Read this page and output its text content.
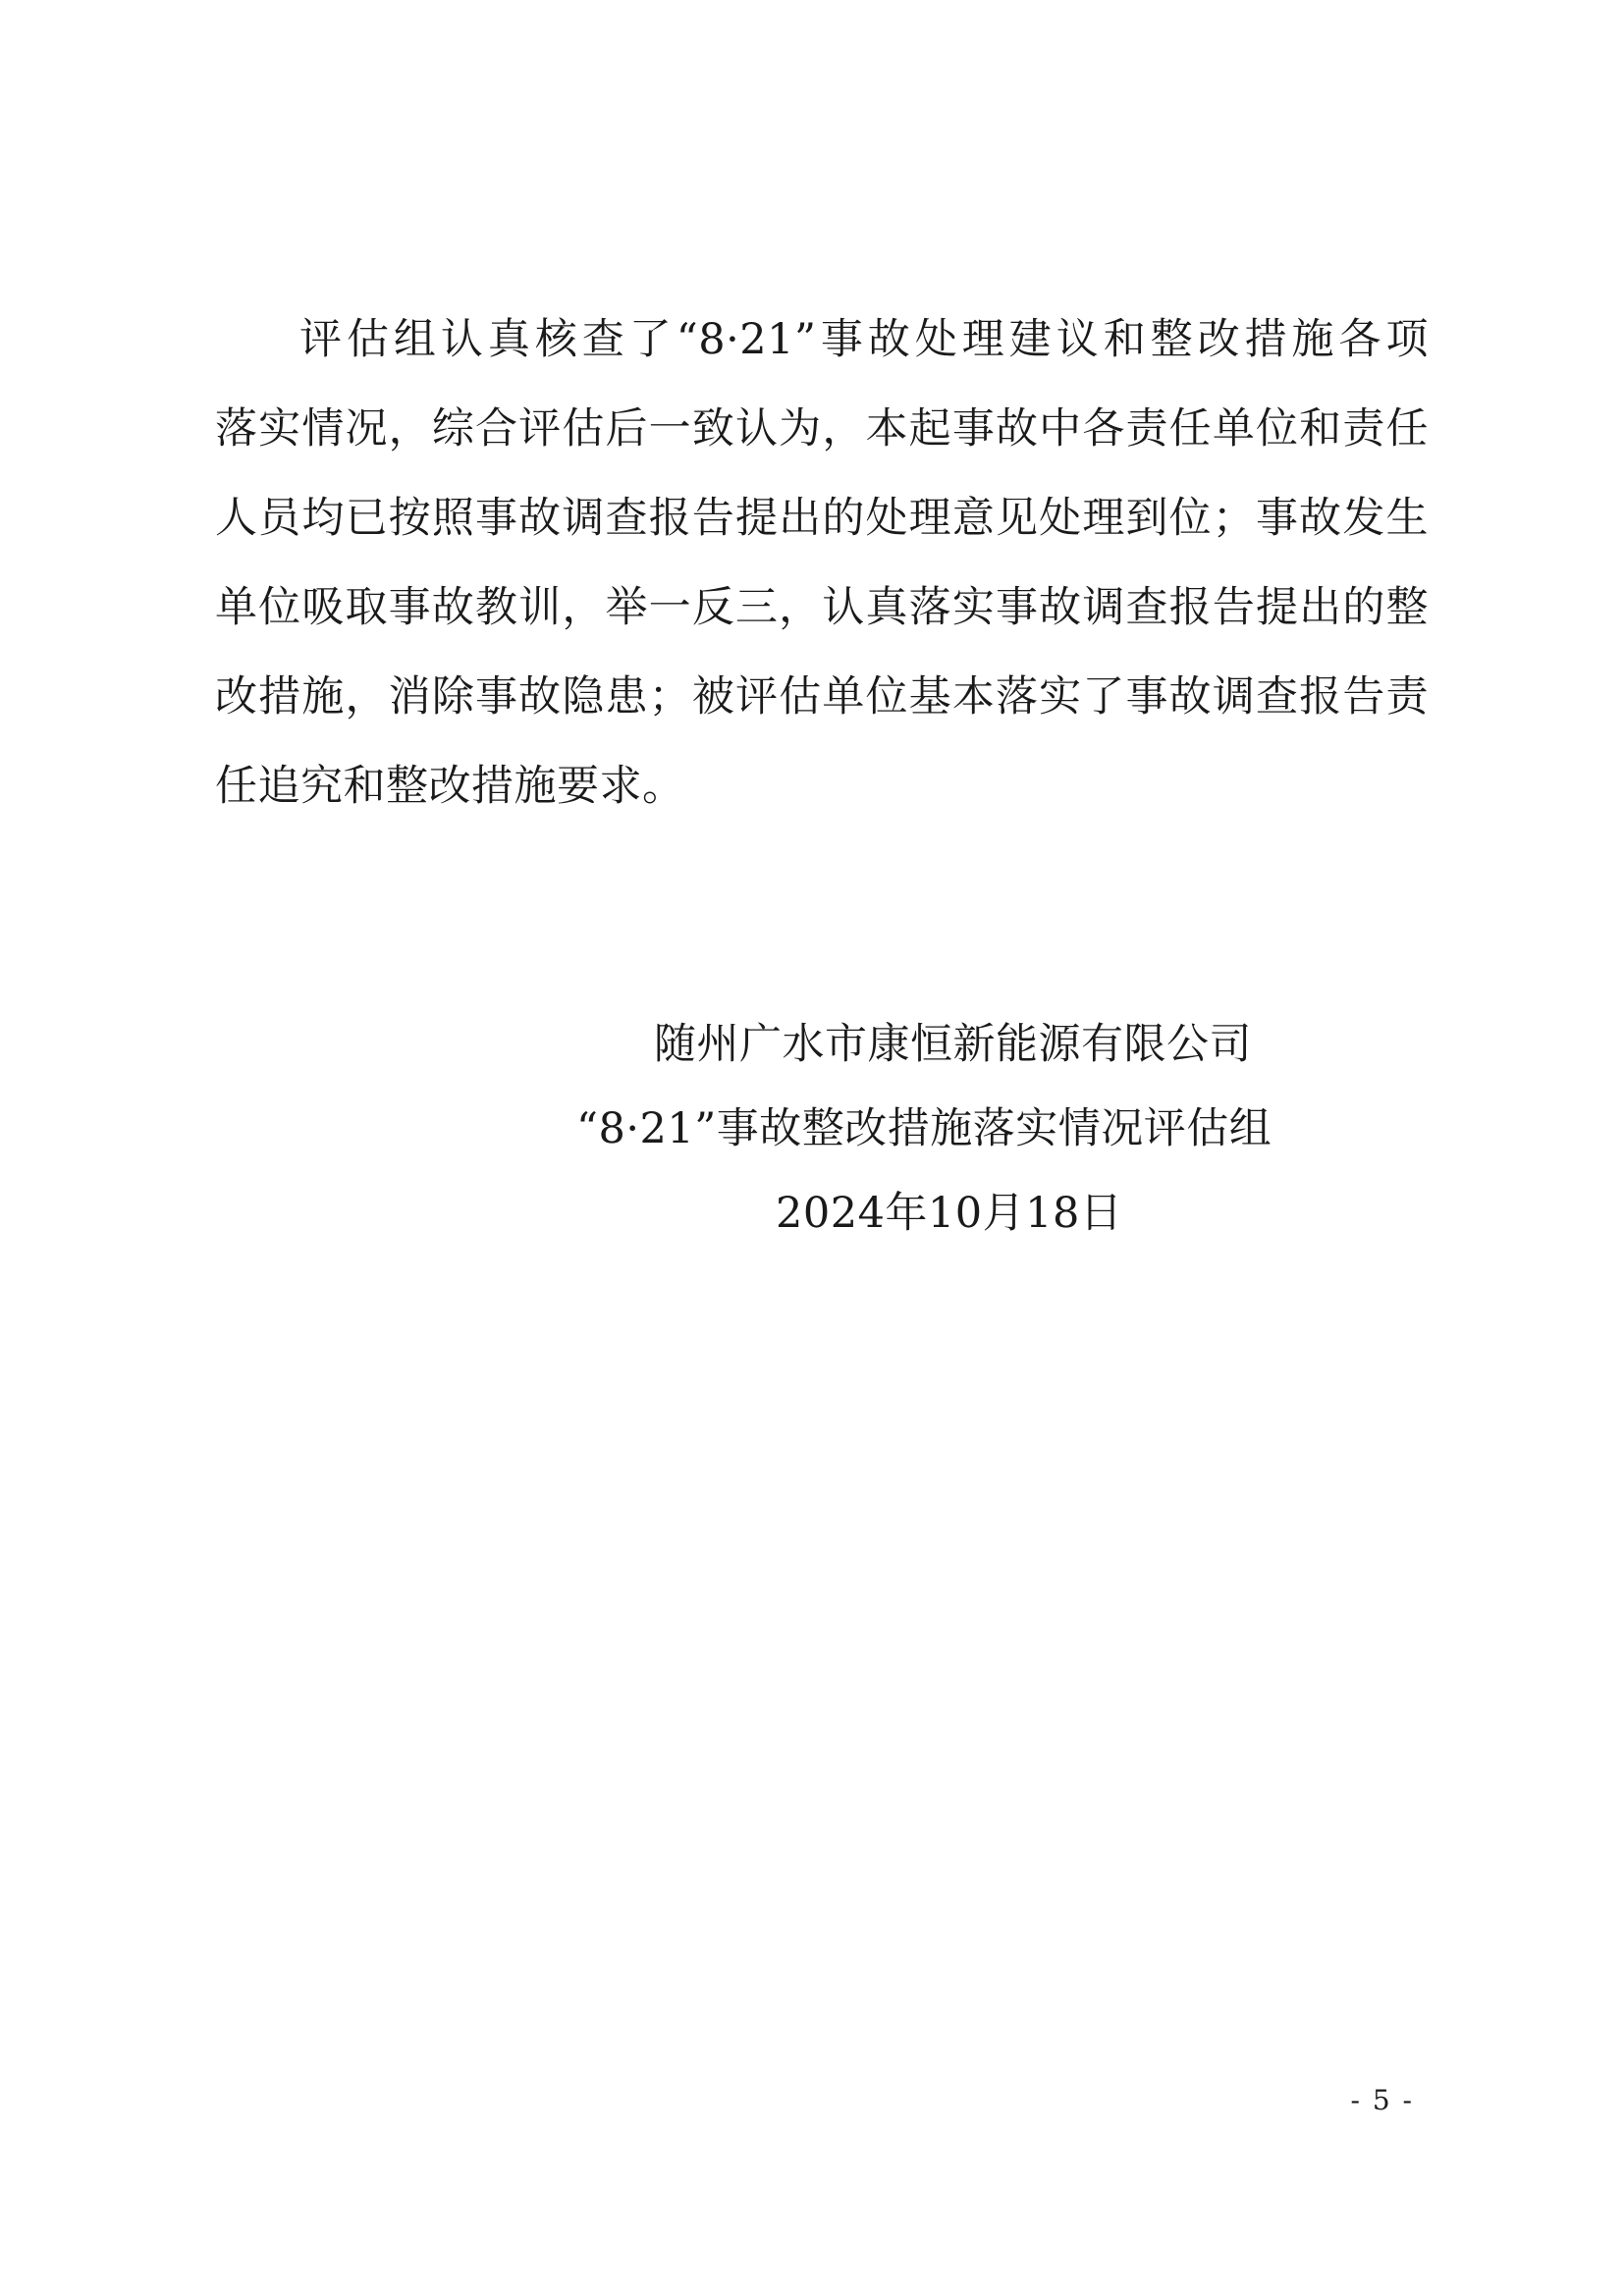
评估组认真核查了“8·21”事故处理建议和整改措施各项
落实情况，综合评估后一致认为，本起事故中各责任单位和责任
人员均已按照事故调查报告提出的处理意见处理到位；事故发生
单位吸取事故教训，举一反三，认真落实事故调查报告提出的整
改措施，消除事故隐患；被评估单位基本落实了事故调查报告责
任追究和整改措施要求。
随州广水市康恒新能源有限公司
“8·21”事故整改措施落实情况评估组
2024年10月18日
- 5 -
